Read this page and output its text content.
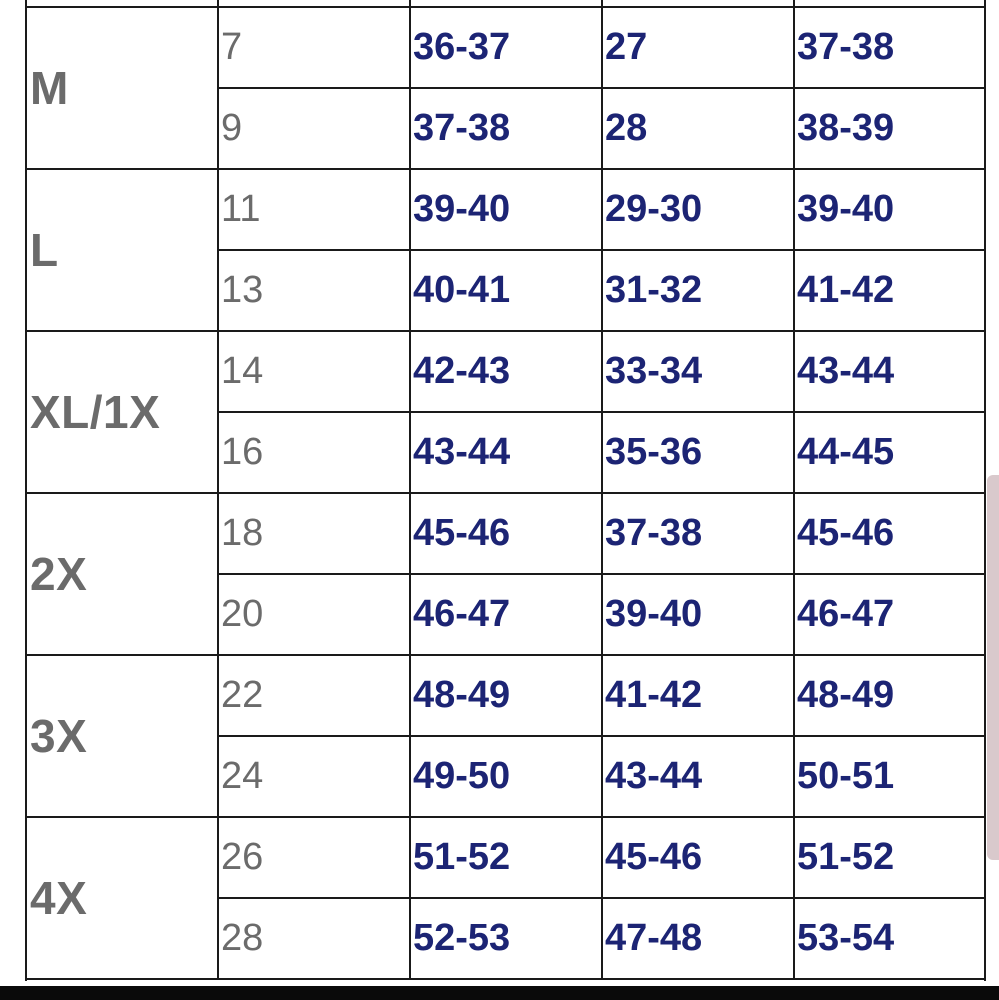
M
7	36-37	27	37-38
9	37-38	28	38-39
L
11	39-40	29-30	39-40
13	40-41	31-32	41-42
XL/1X
14	42-43	33-34	43-44
16	43-44	35-36	44-45
2X
18	45-46	37-38	45-46
20	46-47	39-40	46-47
3X
22	48-49	41-42	48-49
24	49-50	43-44	50-51
4X
26	51-52	45-46	51-52
28	52-53	47-48	53-54
